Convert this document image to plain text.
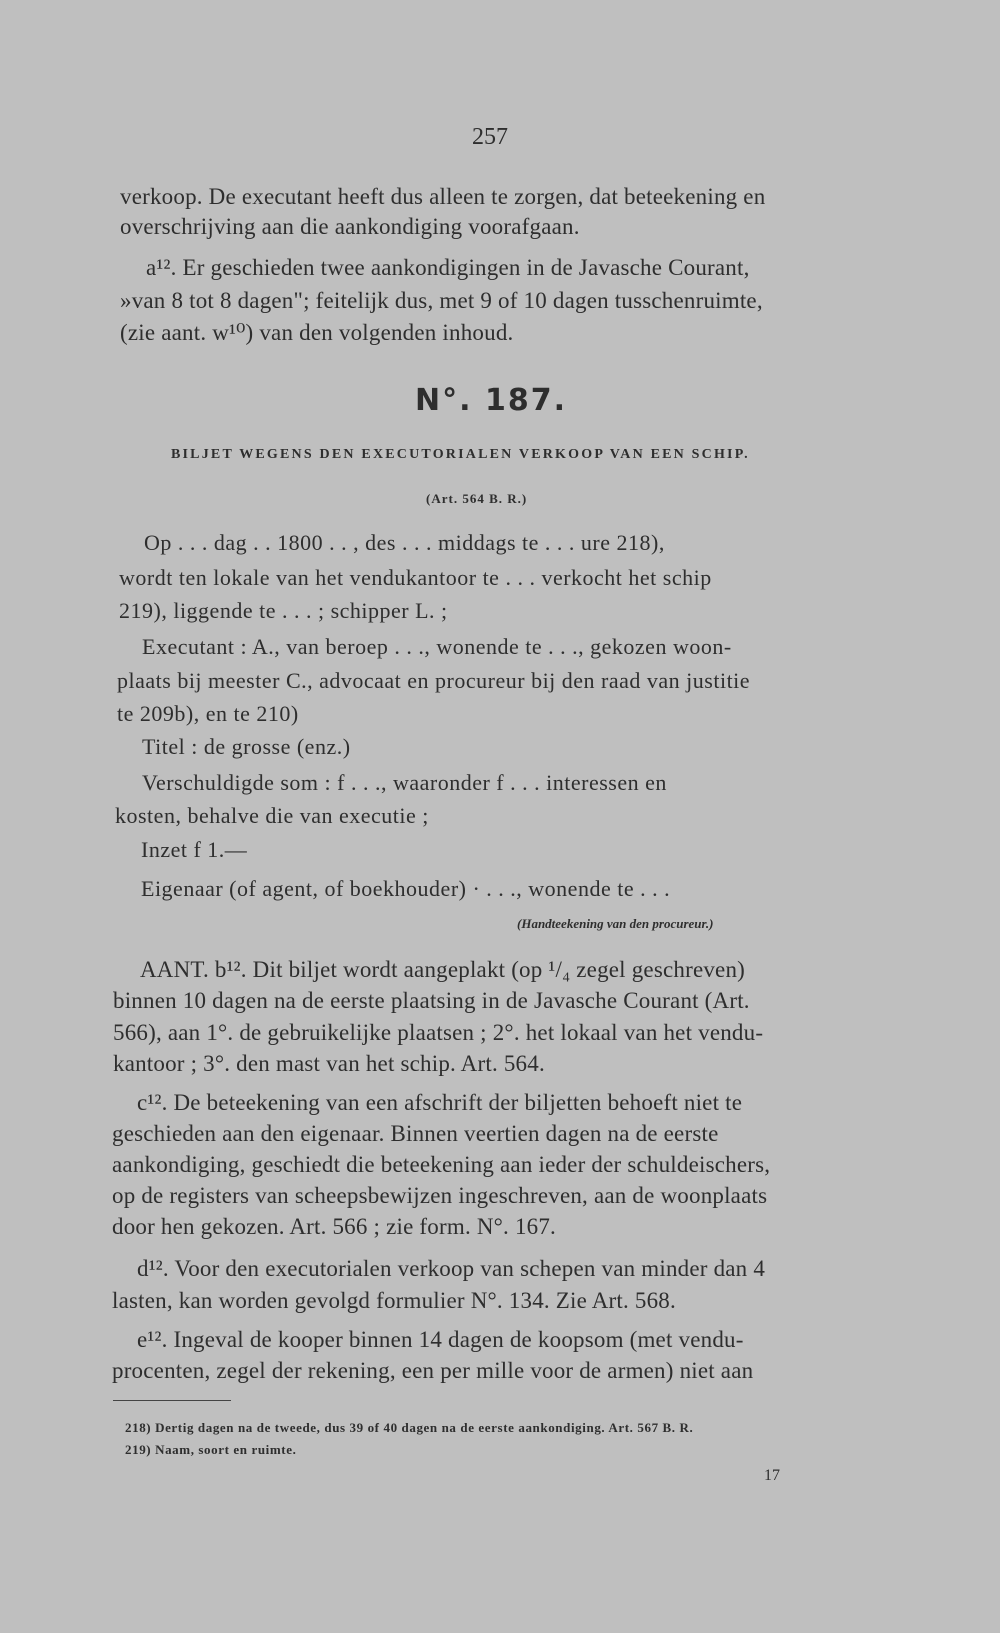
257
verkoop. De executant heeft dus alleen te zorgen, dat beteekening en
overschrijving aan die aankondiging voorafgaan.
a¹². Er geschieden twee aankondigingen in de Javasche Courant,
»van 8 tot 8 dagen"; feitelijk dus, met 9 of 10 dagen tusschenruimte,
(zie aant. w¹⁰) van den volgenden inhoud.
N°. 187.
BILJET WEGENS DEN EXECUTORIALEN VERKOOP VAN EEN SCHIP.
(Art. 564 B. R.)
Op . . . dag . . 1800 . . , des . . . middags te . . . ure 218),
wordt ten lokale van het vendukantoor te . . . verkocht het schip
219), liggende te . . . ; schipper L. ;
Executant : A., van beroep . . ., wonende te . . ., gekozen woon-
plaats bij meester C., advocaat en procureur bij den raad van justitie
te 209b), en te 210)
Titel : de grosse (enz.)
Verschuldigde som : f . . ., waaronder f . . . interessen en
kosten, behalve die van executie ;
Inzet f 1.—
Eigenaar (of agent, of boekhouder) · . . ., wonende te . . .
(Handteekening van den procureur.)
AANT. b¹². Dit biljet wordt aangeplakt (op ¹/₄ zegel geschreven)
binnen 10 dagen na de eerste plaatsing in de Javasche Courant (Art.
566), aan 1°. de gebruikelijke plaatsen ; 2°. het lokaal van het vendu-
kantoor ; 3°. den mast van het schip. Art. 564.
c¹². De beteekening van een afschrift der biljetten behoeft niet te
geschieden aan den eigenaar. Binnen veertien dagen na de eerste
aankondiging, geschiedt die beteekening aan ieder der schuldeischers,
op de registers van scheepsbewijzen ingeschreven, aan de woonplaats
door hen gekozen. Art. 566 ; zie form. N°. 167.
d¹². Voor den executorialen verkoop van schepen van minder dan 4
lasten, kan worden gevolgd formulier N°. 134. Zie Art. 568.
e¹². Ingeval de kooper binnen 14 dagen de koopsom (met vendu-
procenten, zegel der rekening, een per mille voor de armen) niet aan
218) Dertig dagen na de tweede, dus 39 of 40 dagen na de eerste aankondiging. Art. 567 B. R.
219) Naam, soort en ruimte.
17
